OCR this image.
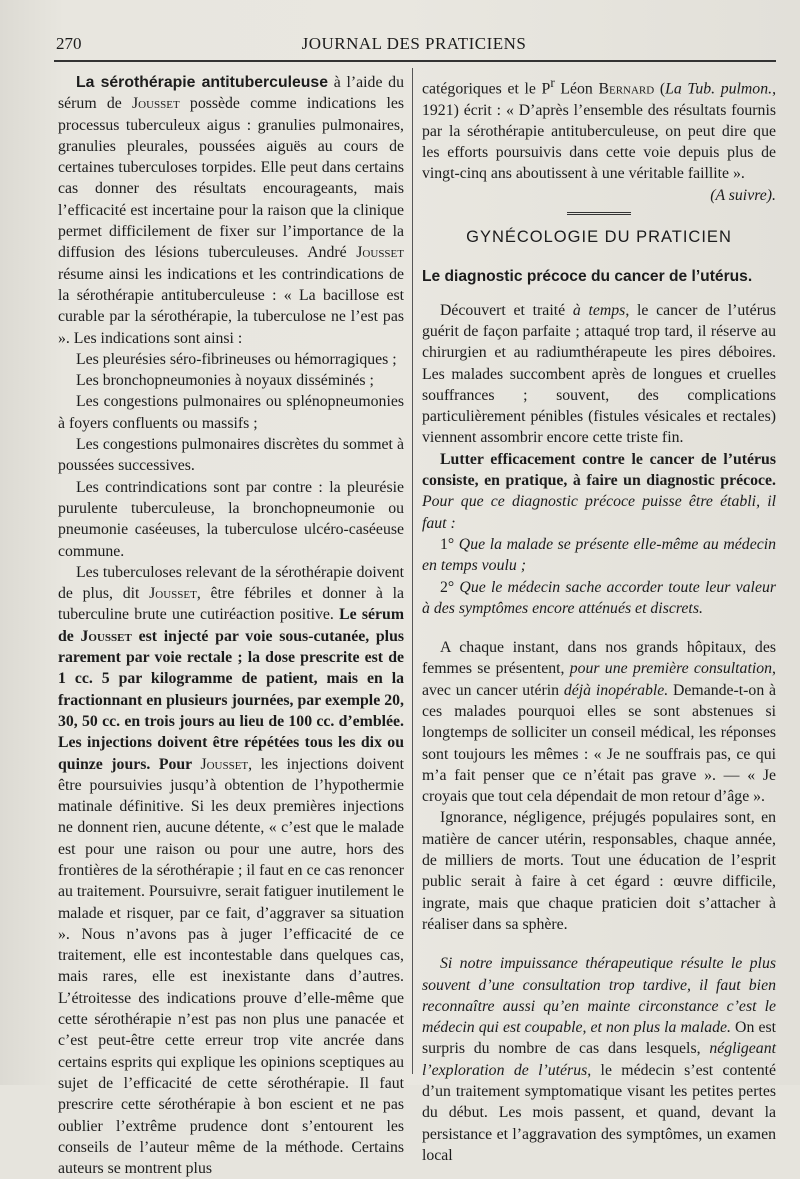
270	JOURNAL DES PRATICIENS

La sérothérapie antituberculeuse à l’aide du sérum de Jousset possède comme indications les processus tuberculeux aigus : granulies pulmonaires, granulies pleurales, poussées aiguës au cours de certaines tuberculoses torpides. Elle peut dans certains cas donner des résultats encourageants, mais l’efficacité est incertaine pour la raison que la clinique permet difficilement de fixer sur l’importance de la diffusion des lésions tuberculeuses. André Jousset résume ainsi les indications et les contrindications de la sérothérapie antituberculeuse : « La bacillose est curable par la sérothérapie, la tuberculose ne l’est pas ». Les indications sont ainsi :

Les pleurésies séro-fibrineuses ou hémorragiques ;

Les bronchopneumonies à noyaux disséminés ;

Les congestions pulmonaires ou splénopneumonies à foyers confluents ou massifs ;

Les congestions pulmonaires discrètes du sommet à poussées successives.

Les contrindications sont par contre : la pleurésie purulente tuberculeuse, la bronchopneumonie ou pneumonie caséeuses, la tuberculose ulcéro-caséeuse commune.

Les tuberculoses relevant de la sérothérapie doivent de plus, dit Jousset, être fébriles et donner à la tuberculine brute une cutiréaction positive. Le sérum de Jousset est injecté par voie sous-cutanée, plus rarement par voie rectale ; la dose prescrite est de 1 cc. 5 par kilogramme de patient, mais en la fractionnant en plusieurs journées, par exemple 20, 30, 50 cc. en trois jours au lieu de 100 cc. d’emblée. Les injections doivent être répétées tous les dix ou quinze jours. Pour Jousset, les injections doivent être poursuivies jusqu’à obtention de l’hypothermie matinale définitive. Si les deux premières injections ne donnent rien, aucune détente, « c’est que le malade est pour une raison ou pour une autre, hors des frontières de la sérothérapie ; il faut en ce cas renoncer au traitement. Poursuivre, serait fatiguer inutilement le malade et risquer, par ce fait, d’aggraver sa situation ». Nous n’avons pas à juger l’efficacité de ce traitement, elle est incontestable dans quelques cas, mais rares, elle est inexistante dans d’autres. L’étroitesse des indications prouve d’elle-même que cette sérothérapie n’est pas non plus une panacée et c’est peut-être cette erreur trop vite ancrée dans certains esprits qui explique les opinions sceptiques au sujet de l’efficacité de cette sérothérapie. Il faut prescrire cette sérothérapie à bon escient et ne pas oublier l’extrême prudence dont s’entourent les conseils de l’auteur même de la méthode. Certains auteurs se montrent plus

catégoriques et le $P^r$ Léon Bernard (La Tub. pulmon., 1921) écrit : « D’après l’ensemble des résultats fournis par la sérothérapie antituberculeuse, on peut dire que les efforts poursuivis dans cette voie depuis plus de vingt-cinq ans aboutissent à une véritable faillite ».
(A suivre).

GYNÉCOLOGIE DU PRATICIEN
Le diagnostic précoce du cancer de l’utérus.

Découvert et traité à temps, le cancer de l’utérus guérit de façon parfaite ; attaqué trop tard, il réserve au chirurgien et au radiumthérapeute les pires déboires. Les malades succombent après de longues et cruelles souffrances ; souvent, des complications particulièrement pénibles (fistules vésicales et rectales) viennent assombrir encore cette triste fin.

Lutter efficacement contre le cancer de l’utérus consiste, en pratique, à faire un diagnostic précoce. Pour que ce diagnostic précoce puisse être établi, il faut :

1° Que la malade se présente elle-même au médecin en temps voulu ;

2° Que le médecin sache accorder toute leur valeur à des symptômes encore atténués et discrets.

A chaque instant, dans nos grands hôpitaux, des femmes se présentent, pour une première consultation, avec un cancer utérin déjà inopérable. Demande-t-on à ces malades pourquoi elles se sont abstenues si longtemps de solliciter un conseil médical, les réponses sont toujours les mêmes : « Je ne souffrais pas, ce qui m’a fait penser que ce n’était pas grave ». — « Je croyais que tout cela dépendait de mon retour d’âge ».

Ignorance, négligence, préjugés populaires sont, en matière de cancer utérin, responsables, chaque année, de milliers de morts. Tout une éducation de l’esprit public serait à faire à cet égard : œuvre difficile, ingrate, mais que chaque praticien doit s’attacher à réaliser dans sa sphère.

Si notre impuissance thérapeutique résulte le plus souvent d’une consultation trop tardive, il faut bien reconnaître aussi qu’en mainte circonstance c’est le médecin qui est coupable, et non plus la malade. On est surpris du nombre de cas dans lesquels, négligeant l’exploration de l’utérus, le médecin s’est contenté d’un traitement symptomatique visant les petites pertes du début. Les mois passent, et quand, devant la persistance et l’aggravation des symptômes, un examen local
